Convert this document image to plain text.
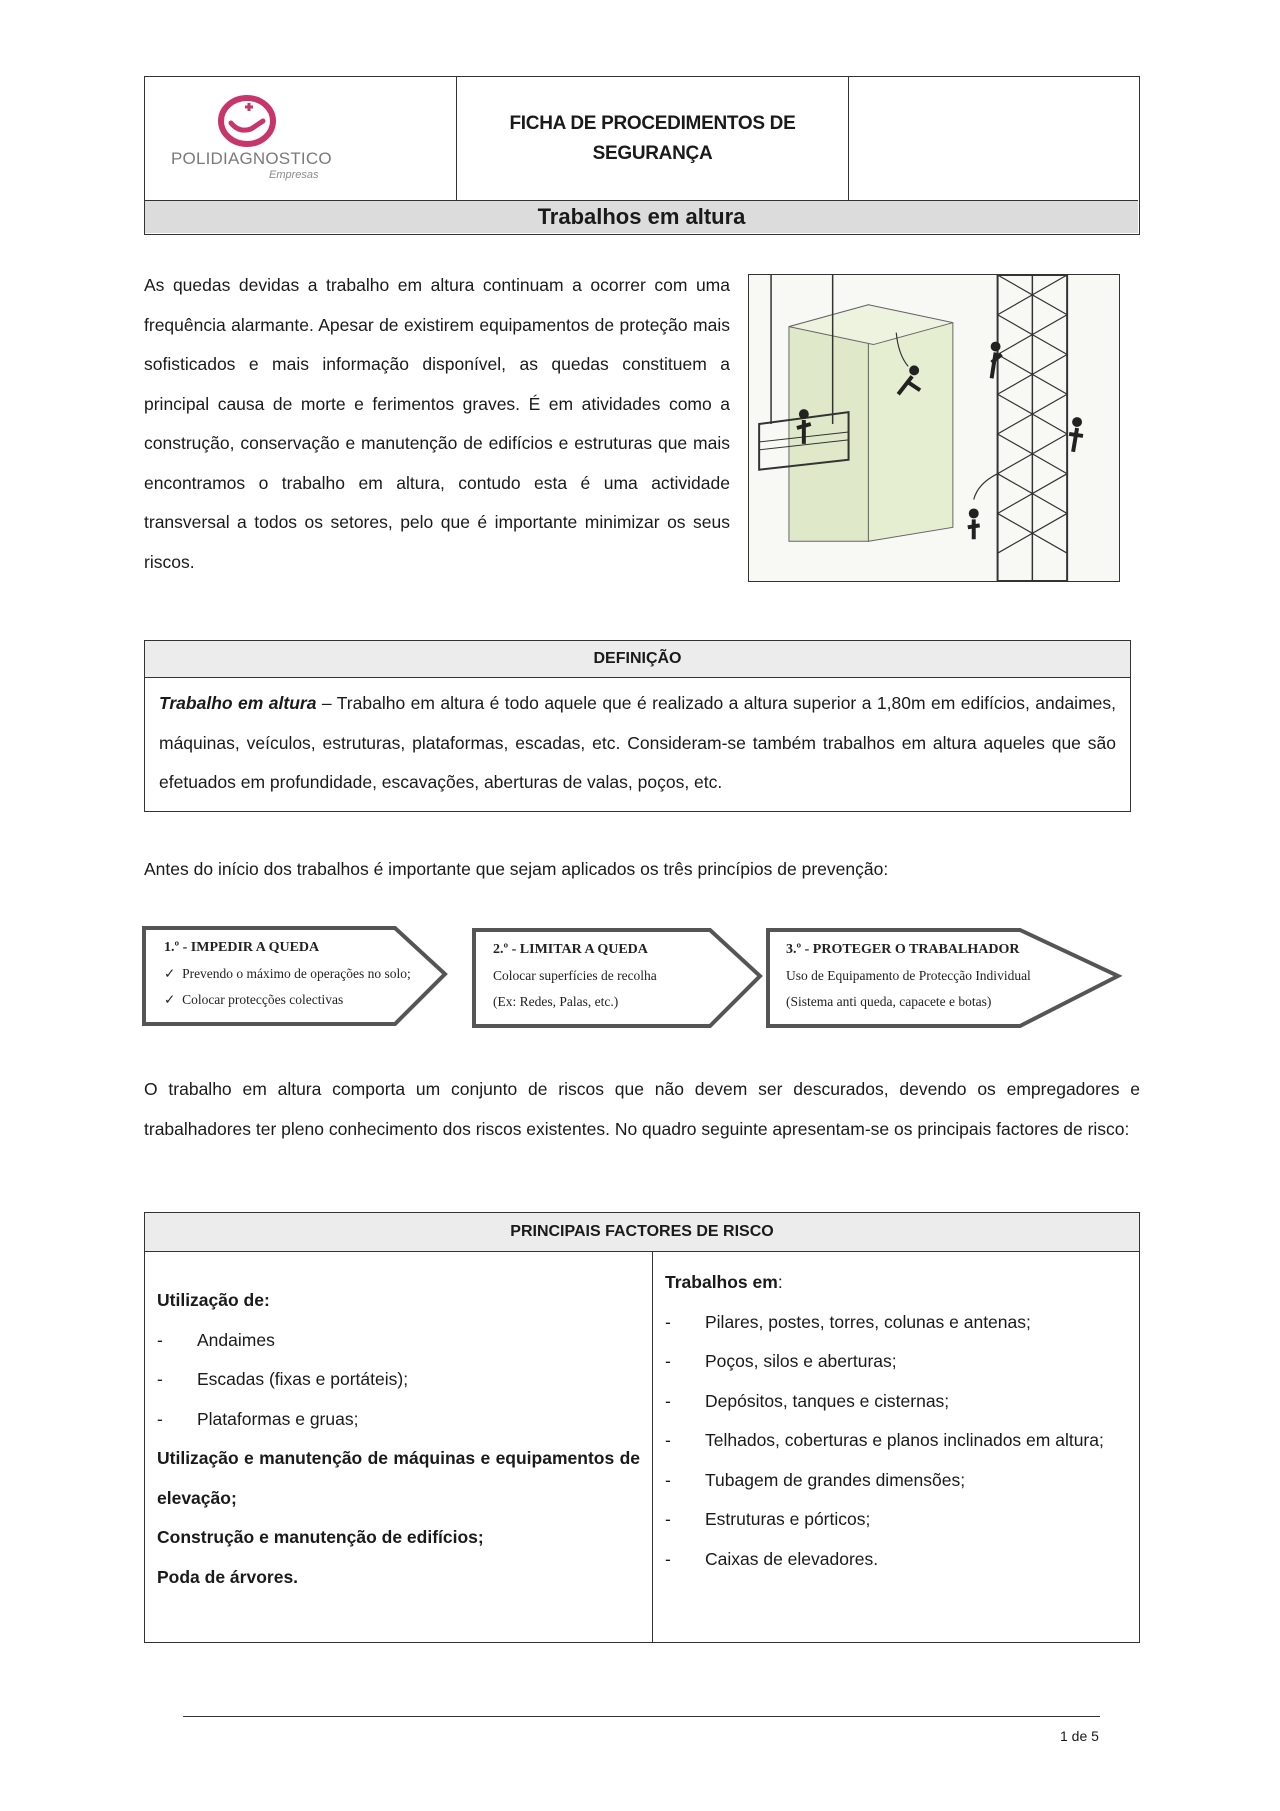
POLIDIAGNOSTICO
Empresas
FICHA DE PROCEDIMENTOS DE SEGURANÇA
Trabalhos em altura
As quedas devidas a trabalho em altura continuam a ocorrer com uma frequência alarmante. Apesar de existirem equipamentos de proteção mais sofisticados e mais informação disponível, as quedas constituem a principal causa de morte e ferimentos graves. É em atividades como a construção, conservação e manutenção de edifícios e estruturas que mais encontramos o trabalho em altura, contudo esta é uma actividade transversal a todos os setores, pelo que é importante minimizar os seus riscos.
DEFINIÇÃO
Trabalho em altura – Trabalho em altura é todo aquele que é realizado a altura superior a 1,80m em edifícios, andaimes, máquinas, veículos, estruturas, plataformas, escadas, etc. Consideram-se também trabalhos em altura aqueles que são efetuados em profundidade, escavações, aberturas de valas, poços, etc.
Antes do início dos trabalhos é importante que sejam aplicados os três princípios de prevenção:
1.º - IMPEDIR A QUEDA
✓ Prevendo o máximo de operações no solo;
✓ Colocar protecções colectivas
2.º - LIMITAR A QUEDA
Colocar superfícies de recolha
(Ex: Redes, Palas, etc.)
3.º - PROTEGER O TRABALHADOR
Uso de Equipamento de Protecção Individual
(Sistema anti queda, capacete e botas)
O trabalho em altura comporta um conjunto de riscos que não devem ser descurados, devendo os empregadores e trabalhadores ter pleno conhecimento dos riscos existentes. No quadro seguinte apresentam-se os principais factores de risco:
PRINCIPAIS FACTORES DE RISCO
Utilização de:
-	Andaimes
-	Escadas (fixas e portáteis);
-	Plataformas e gruas;
Utilização e manutenção de máquinas e equipamentos de elevação;
Construção e manutenção de edifícios;
Poda de árvores.
Trabalhos em:
-	Pilares, postes, torres, colunas e antenas;
-	Poços, silos e aberturas;
-	Depósitos, tanques e cisternas;
-	Telhados, coberturas e planos inclinados em altura;
-	Tubagem de grandes dimensões;
-	Estruturas e pórticos;
-	Caixas de elevadores.
1 de 5
